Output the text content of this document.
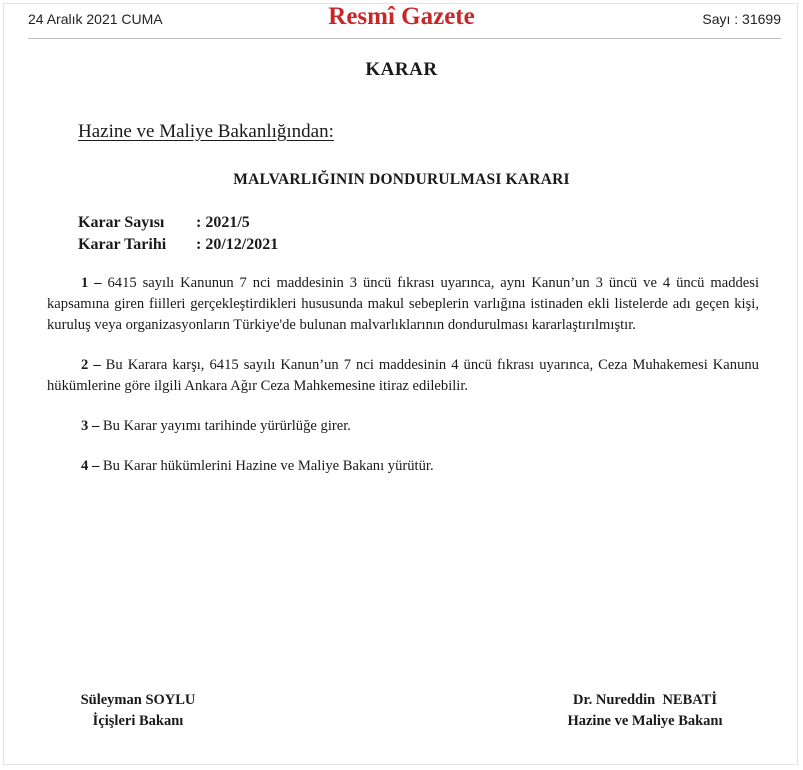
24 Aralık 2021 CUMA	Resmî Gazete	Sayı : 31699
KARAR
Hazine ve Maliye Bakanlığından:
MALVARLIĞININ DONDURULMASI KARARI
Karar Sayısı : 2021/5
Karar Tarihi : 20/12/2021

1 – 6415 sayılı Kanunun 7 nci maddesinin 3 üncü fıkrası uyarınca, aynı Kanun’un 3 üncü ve 4 üncü maddesi kapsamına giren fiilleri gerçekleştirdikleri hususunda makul sebeplerin varlığına istinaden ekli listelerde adı geçen kişi, kuruluş veya organizasyonların Türkiye'de bulunan malvarlıklarının dondurulması kararlaştırılmıştır.

2 – Bu Karara karşı, 6415 sayılı Kanun’un 7 nci maddesinin 4 üncü fıkrası uyarınca, Ceza Muhakemesi Kanunu hükümlerine göre ilgili Ankara Ağır Ceza Mahkemesine itiraz edilebilir.

3 – Bu Karar yayımı tarihinde yürürlüğe girer.

4 – Bu Karar hükümlerini Hazine ve Maliye Bakanı yürütür.

Süleyman SOYLU
İçişleri Bakanı
Dr. Nureddin  NEBATİ
Hazine ve Maliye Bakanı
